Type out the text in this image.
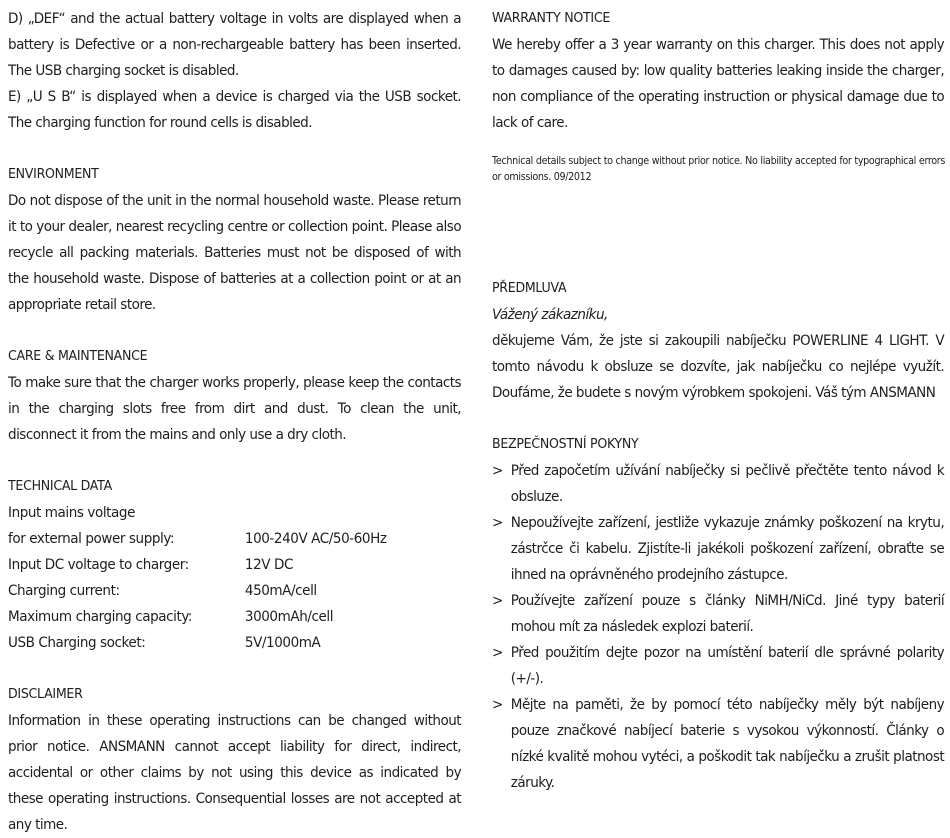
D) „DEF“ and the actual battery voltage in volts are displayed when a battery is Defective or a non-rechargeable battery has been inserted. The USB charging socket is disabled.

E) „U S B“ is displayed when a device is charged via the USB socket. The charging function for round cells is disabled.

ENVIRONMENT

Do not dispose of the unit in the normal household waste. Please return it to your dealer, nearest recycling centre or collection point. Please also recycle all packing materials. Batteries must not be disposed of with the household waste. Dispose of batteries at a collection point or at an appropriate retail store.

CARE & MAINTENANCE

To make sure that the charger works properly, please keep the contacts in the charging slots free from dirt and dust. To clean the unit, disconnect it from the mains and only use a dry cloth.

TECHNICAL DATA

Input mains voltage
for external power supply:	100-240V AC/50-60Hz
Input DC voltage to charger:	12V DC
Charging current:	450mA/cell
Maximum charging capacity:	3000mAh/cell
USB Charging socket:	5V/1000mA

DISCLAIMER

Information in these operating instructions can be changed without prior notice. ANSMANN cannot accept liability for direct, indirect, accidental or other claims by not using this device as indicated by these operating instructions. Consequential losses are not accepted at any time.

WARRANTY NOTICE

We hereby offer a 3 year warranty on this charger. This does not apply to damages caused by: low quality batteries leaking inside the charger, non compliance of the operating instruction or physical damage due to lack of care.

Technical details subject to change without prior notice. No liability accepted for typographical errors or omissions. 09/2012

PŘEDMLUVA

Vážený zákazníku,

děkujeme Vám, že jste si zakoupili nabíječku POWERLINE 4 LIGHT. V tomto návodu k obsluze se dozvíte, jak nabíječku co nejlépe využít. Doufáme, že budete s novým výrobkem spokojeni. Váš tým ANSMANN

BEZPEČNOSTNÍ POKYNY

> Před započetím užívání nabíječky si pečlivě přečtěte tento návod k obsluze.
> Nepoužívejte zařízení, jestliže vykazuje známky poškození na krytu, zástrčce či kabelu. Zjistíte-li jakékoli poškození zařízení, obraťte se ihned na oprávněného prodejního zástupce.
> Používejte zařízení pouze s články NiMH/NiCd. Jiné typy baterií mohou mít za následek explozi baterií.
> Před použitím dejte pozor na umístění baterií dle správné polarity (+/-).
> Mějte na paměti, že by pomocí této nabíječky měly být nabíjeny pouze značkové nabíjecí baterie s vysokou výkonností. Články o nízké kvalitě mohou vytéci, a poškodit tak nabíječku a zrušit platnost záruky.
